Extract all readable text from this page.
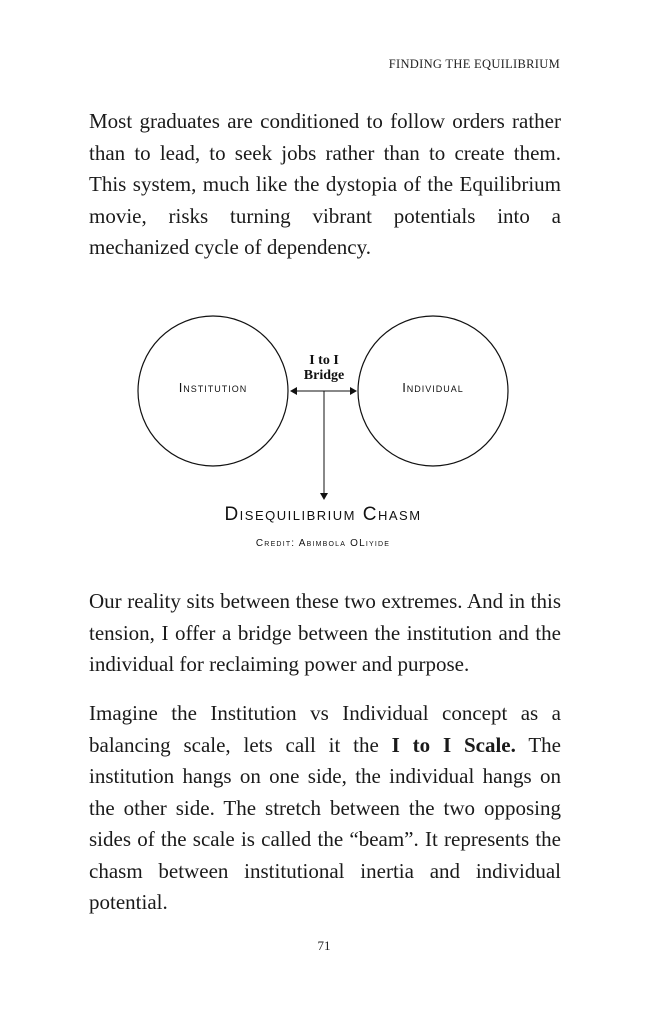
FINDING THE EQUILIBRIUM

Most graduates are conditioned to follow orders rather than to lead, to seek jobs rather than to create them. This system, much like the dystopia of the Equilibrium movie, risks turning vibrant potentials into a mechanized cycle of dependency.

Institution	Individual
I to I
Bridge
Disequilibrium Chasm
Credit: Abimbola OLiyide

Our reality sits between these two extremes. And in this tension, I offer a bridge between the institution and the individual for reclaiming power and purpose.

Imagine the Institution vs Individual concept as a balancing scale, lets call it the I to I Scale. The institution hangs on one side, the individual hangs on the other side. The stretch between the two opposing sides of the scale is called the “beam”. It represents the chasm between institutional inertia and individual potential.

71
